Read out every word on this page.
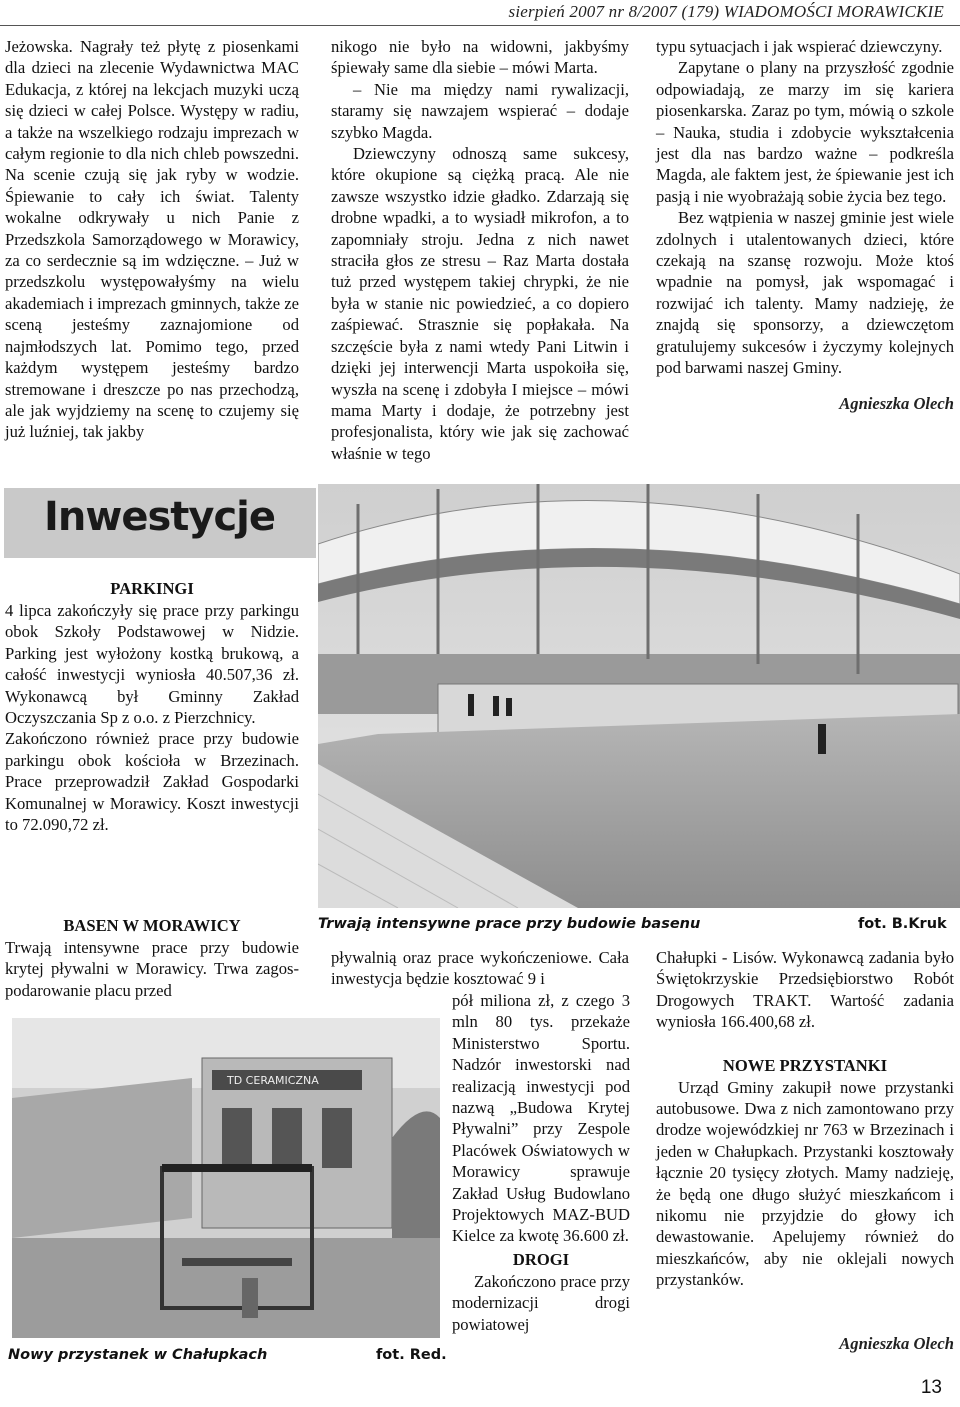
sierpień 2007 nr 8/2007 (179) WIADOMOŚCI MORAWICKIE

Jeżowska. Nagrały też płytę z piosenkami dla dzieci na zlecenie Wydawnictwa MAC Edukacja, z której na lekcjach muzyki uczą się dzieci w całej Polsce. Występy w radiu, a także na wszelkiego rodzaju imprezach w całym regionie to dla nich chleb powszedni. Na scenie czują się jak ryby w wodzie. Śpiewanie to cały ich świat. Talenty wokalne odkrywały u nich Panie z Przedszkola Samorządowego w Morawicy, za co serdecznie są im wdzięczne. – Już w przedszkolu występowałyśmy na wielu akademiach i imprezach gminnych, także ze sceną jesteśmy zaznajomione od najmłodszych lat. Pomimo tego, przed każdym występem jesteśmy bardzo stremowane i dreszcze po nas przechodzą, ale jak wyjdziemy na scenę to czujemy się już luźniej, tak jakby

nikogo nie było na widowni, jakbyśmy śpiewały same dla siebie – mówi Marta.

– Nie ma między nami rywalizacji, staramy się nawzajem wspierać – dodaje szybko Magda.

Dziewczyny odnoszą same sukcesy, które okupione są ciężką pracą. Ale nie zawsze wszystko idzie gładko. Zdarzają się drobne wpadki, a to wysiadł mikrofon, a to zapomniały stroju. Jedna z nich nawet straciła głos ze stresu – Raz Marta dostała tuż przed występem takiej chrypki, że nie była w stanie nic powiedzieć, a co dopiero zaśpiewać. Strasznie się popłakała. Na szczęście była z nami wtedy Pani Litwin i dzięki jej interwencji Marta uspokoiła się, wyszła na scenę i zdobyła I miejsce – mówi mama Marty i dodaje, że potrzebny jest profesjonalista, który wie jak się zachować właśnie w tego

typu sytuacjach i jak wspierać dziewczyny.

Zapytane o plany na przyszłość zgodnie odpowiadają, ze marzy im się kariera piosenkarska. Zaraz po tym, mówią o szkole – Nauka, studia i zdobycie wykształcenia jest dla nas bardzo ważne – podkreśla Magda, ale faktem jest, że śpiewanie jest ich pasją i nie wyobrażają sobie życia bez tego.

Bez wątpienia w naszej gminie jest wiele zdolnych i utalentowanych dzieci, które czekają na szansę rozwoju. Może ktoś wpadnie na pomysł, jak wspomagać i rozwijać ich talenty. Mamy nadzieję, że znajdą się sponsorzy, a dziewczętom gratulujemy sukcesów i życzymy kolejnych pod barwami naszej Gminy.

Agnieszka Olech
Inwestycje
PARKINGI

4 lipca zakończyły się prace przy parkingu obok Szkoły Podstawowej w Nidzie. Parking jest wyłożony kostką brukową, a całość inwestycji wyniosła 40.507,36 zł. Wykonawcą był Gminny Zakład Oczyszczania Sp z o.o. z Pierzchnicy.

Zakończono również prace przy budowie parkingu obok kościoła w Brzezinach. Prace przeprowadził Zakład Gospodarki Komunalnej w Morawicy. Koszt inwestycji to 72.090,72 zł.

Trwają intensywne prace przy budowie basenu	fot. B.Kruk
BASEN W MORAWICY

Trwają intensywne prace przy budowie krytej pływalni w Morawicy. Trwa zagos-podarowanie placu przed

pływalnią oraz prace wykończeniowe. Cała inwestycja będzie kosztować 9 i

TD CERAMICZNA
Nowy przystanek w Chałupkach	fot. Red.

pół miliona zł, z czego 3 mln 80 tys. przekaże Ministerstwo Sportu. Nadzór inwestorski nad realizacją inwestycji pod nazwą „Budowa Krytej Pływalni” przy Zespole Placówek Oświatowych w Morawicy sprawuje Zakład Usług Budowlano Projektowych MAZ-BUD Kielce za kwotę 36.600 zł.

DROGI

Zakończono prace przy modernizacji drogi powiatowej

Chałupki - Lisów. Wykonawcą zadania było Świętokrzyskie Przedsiębiorstwo Robót Drogowych TRAKT. Wartość zadania wyniosła 166.400,68 zł.

NOWE PRZYSTANKI

Urząd Gminy zakupił nowe przystanki autobusowe. Dwa z nich zamontowano przy drodze wojewódzkiej nr 763 w Brzezinach i jeden w Chałupkach. Przystanki kosztowały łącznie 20 tysięcy złotych. Mamy nadzieję, że będą one długo służyć mieszkańcom i nikomu nie przyjdzie do głowy ich dewastowanie. Apelujemy również do mieszkańców, aby nie oklejali nowych przystanków.

Agnieszka Olech
13
